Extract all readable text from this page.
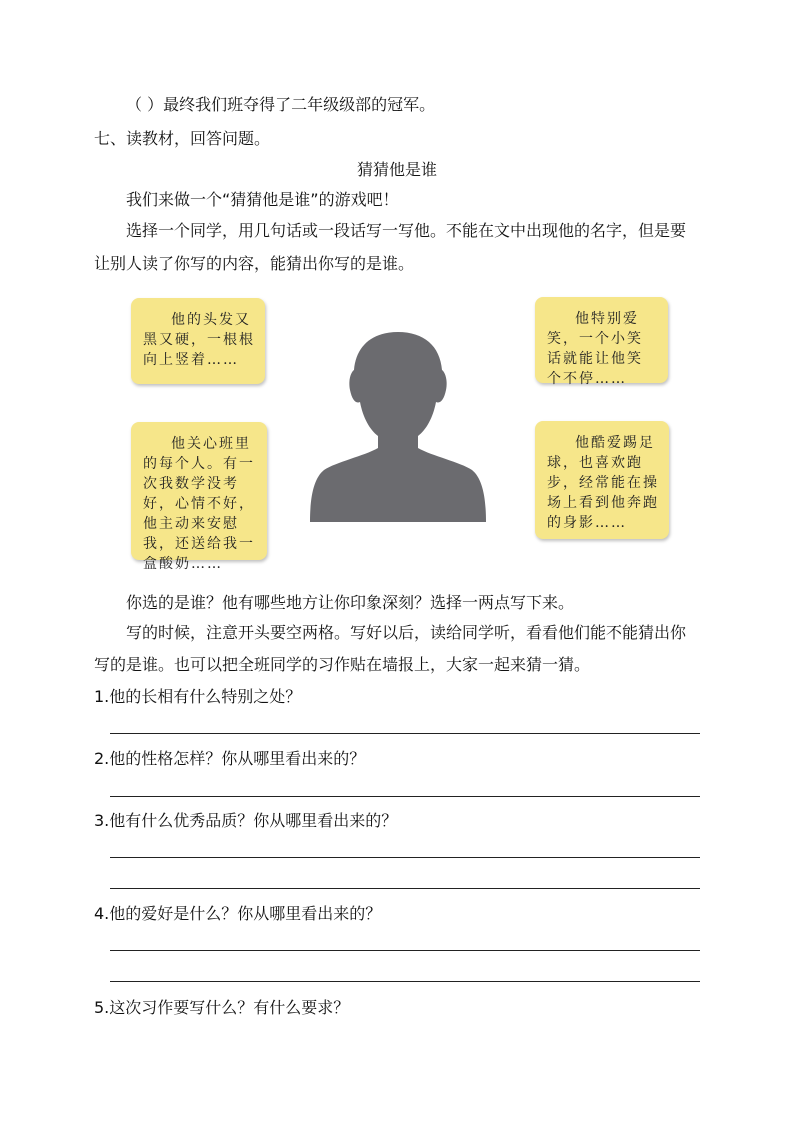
（ ）最终我们班夺得了二年级级部的冠军。
七、读教材，回答问题。
猜猜他是谁
我们来做一个“猜猜他是谁”的游戏吧！
选择一个同学，用几句话或一段话写一写他。不能在文中出现他的名字，但是要
让别人读了你写的内容，能猜出你写的是谁。

他的头发又黑又硬，一根根向上竖着……

他关心班里的每个人。有一次我数学没考好，心情不好，他主动来安慰我，还送给我一盒酸奶……

他特别爱笑，一个小笑话就能让他笑个不停……

他酷爱踢足球，也喜欢跑步，经常能在操场上看到他奔跑的身影……

你选的是谁？他有哪些地方让你印象深刻？选择一两点写下来。
写的时候，注意开头要空两格。写好以后，读给同学听，看看他们能不能猜出你
写的是谁。也可以把全班同学的习作贴在墙报上，大家一起来猜一猜。
1.他的长相有什么特别之处？
2.他的性格怎样？你从哪里看出来的？
3.他有什么优秀品质？你从哪里看出来的？
4.他的爱好是什么？你从哪里看出来的？
5.这次习作要写什么？有什么要求？
